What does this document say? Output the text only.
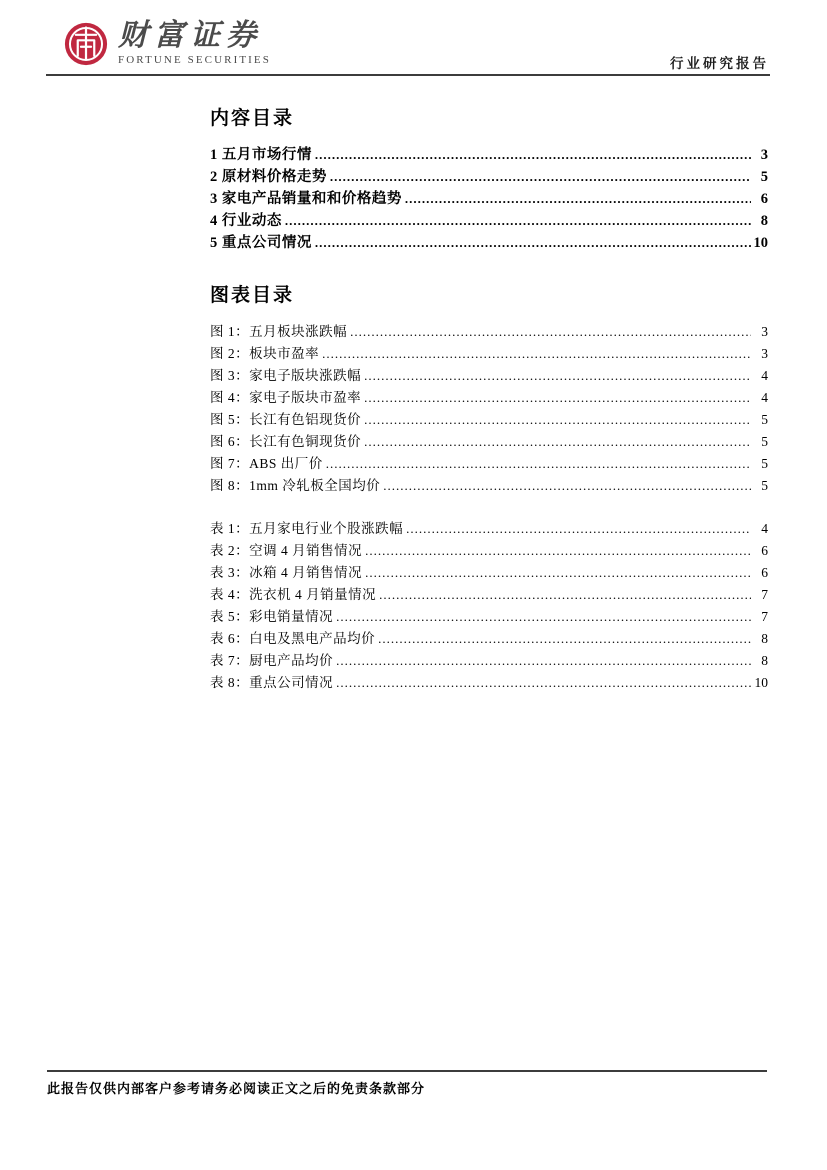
财富证券
FORTUNE SECURITIES	行业研究报告
内容目录
1 五月市场行情 .....	3
2 原材料价格走势 .....	5
3 家电产品销量和和价格趋势 .....	6
4 行业动态 .....	8
5 重点公司情况 .....	10
图表目录
图 1：五月板块涨跌幅 .....	3
图 2：板块市盈率 .....	3
图 3：家电子版块涨跌幅 .....	4
图 4：家电子版块市盈率 .....	4
图 5：长江有色铝现货价 .....	5
图 6：长江有色铜现货价 .....	5
图 7：ABS 出厂价 .....	5
图 8：1mm 冷轧板全国均价 .....	5
表 1：五月家电行业个股涨跌幅 .....	4
表 2：空调 4 月销售情况 .....	6
表 3：冰箱 4 月销售情况 .....	6
表 4：洗衣机 4 月销量情况 .....	7
表 5：彩电销量情况 .....	7
表 6：白电及黑电产品均价 .....	8
表 7：厨电产品均价 .....	8
表 8：重点公司情况 .....	10
此报告仅供内部客户参考请务必阅读正文之后的免责条款部分
